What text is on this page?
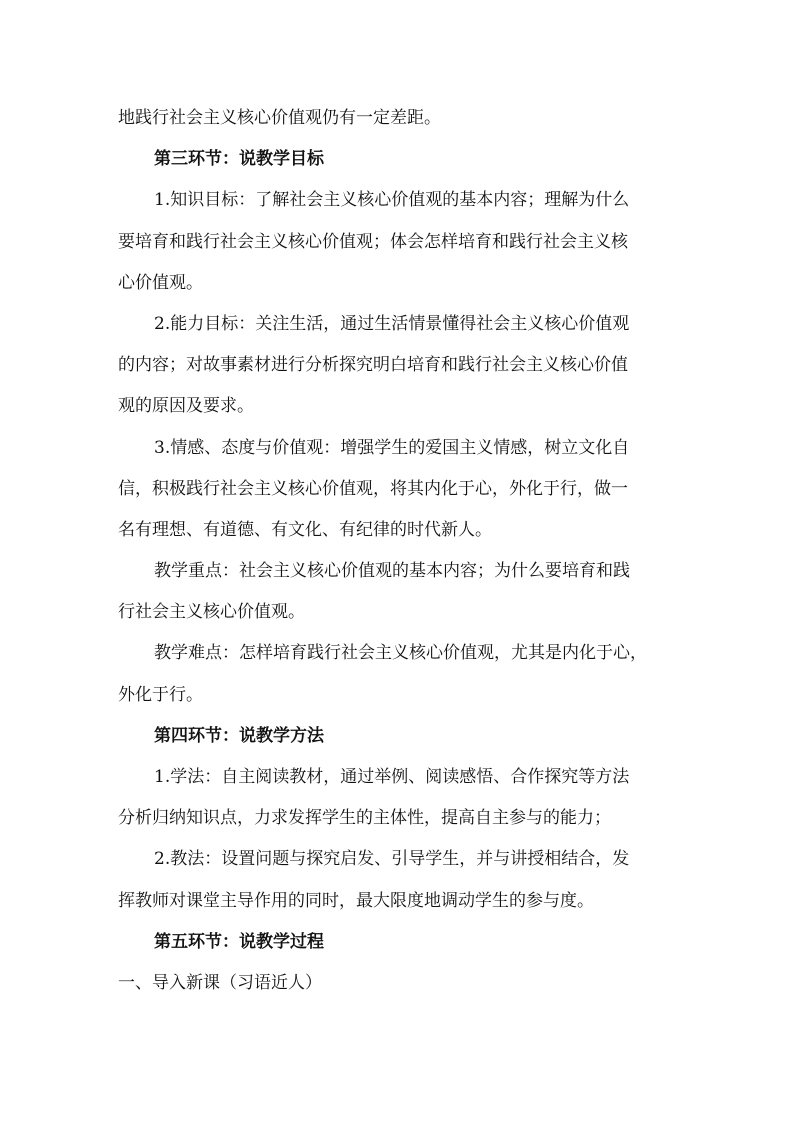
地践行社会主义核心价值观仍有一定差距。
第三环节：说教学目标
1.知识目标：了解社会主义核心价值观的基本内容；理解为什么
要培育和践行社会主义核心价值观；体会怎样培育和践行社会主义核
心价值观。
2.能力目标：关注生活，通过生活情景懂得社会主义核心价值观
的内容；对故事素材进行分析探究明白培育和践行社会主义核心价值
观的原因及要求。
3.情感、态度与价值观：增强学生的爱国主义情感，树立文化自
信，积极践行社会主义核心价值观，将其内化于心，外化于行，做一
名有理想、有道德、有文化、有纪律的时代新人。
教学重点：社会主义核心价值观的基本内容；为什么要培育和践
行社会主义核心价值观。
教学难点：怎样培育践行社会主义核心价值观，尤其是内化于心，
外化于行。
第四环节：说教学方法
1.学法：自主阅读教材，通过举例、阅读感悟、合作探究等方法
分析归纳知识点，力求发挥学生的主体性，提高自主参与的能力；
2.教法：设置问题与探究启发、引导学生，并与讲授相结合，发
挥教师对课堂主导作用的同时，最大限度地调动学生的参与度。
第五环节：说教学过程
一、导入新课（习语近人）
